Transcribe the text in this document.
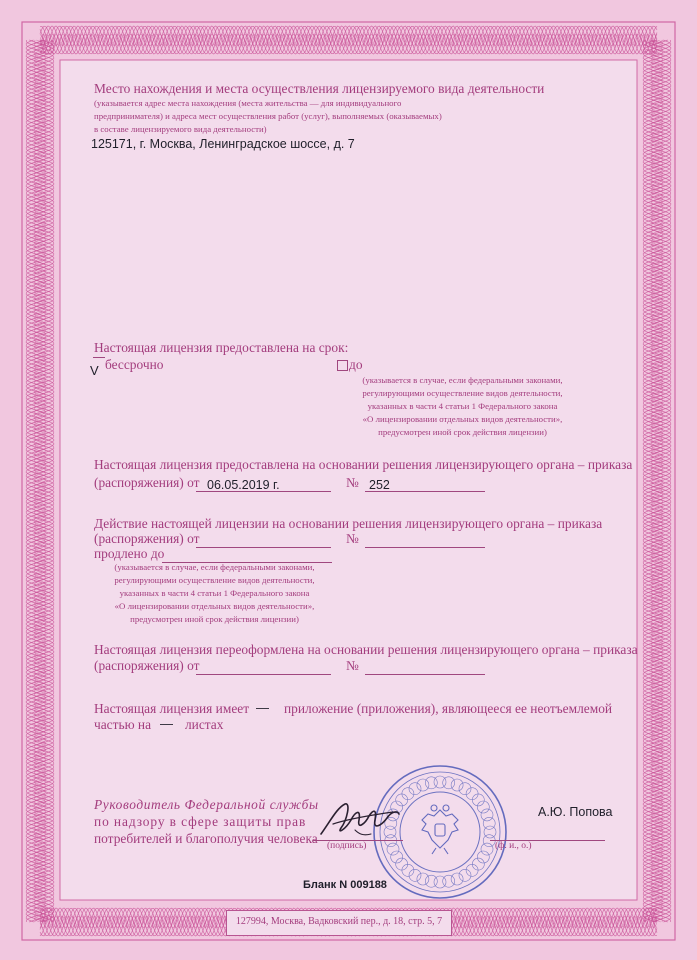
Место нахождения и места осуществления лицензируемого вида деятельности
(указывается адрес места нахождения (места жительства — для индивидуального
предпринимателя) и адреса мест осуществления работ (услуг), выполняемых (оказываемых)
в составе лицензируемого вида деятельности)
125171, г. Москва, Ленинградское шоссе, д. 7
Настоящая лицензия предоставлена на срок:
V бессрочно	до
(указывается в случае, если федеральными законами,
регулирующими осуществление видов деятельности,
указанных в части 4 статьи 1 Федерального закона
«О лицензировании отдельных видов деятельности»,
предусмотрен иной срок действия лицензии)
Настоящая лицензия предоставлена на основании решения лицензирующего органа – приказа
(распоряжения) от 06.05.2019 г.	№ 252
Действие настоящей лицензии на основании решения лицензирующего органа – приказа
(распоряжения) от	№
продлено до
(указывается в случае, если федеральными законами,
регулирующими осуществление видов деятельности,
указанных в части 4 статьи 1 Федерального закона
«О лицензировании отдельных видов деятельности»,
предусмотрен иной срок действия лицензии)
Настоящая лицензия переоформлена на основании решения лицензирующего органа – приказа
(распоряжения) от	№
Настоящая лицензия имеет — приложение (приложения), являющееся ее неотъемлемой
частью на — листах
Руководитель Федеральной службы
по надзору в сфере защиты прав
потребителей и благополучия человека (подпись)
А.Ю. Попова
(ф. и., о.)
Бланк N 009188
127994, Москва, Вадковский пер., д. 18, стр. 5, 7
